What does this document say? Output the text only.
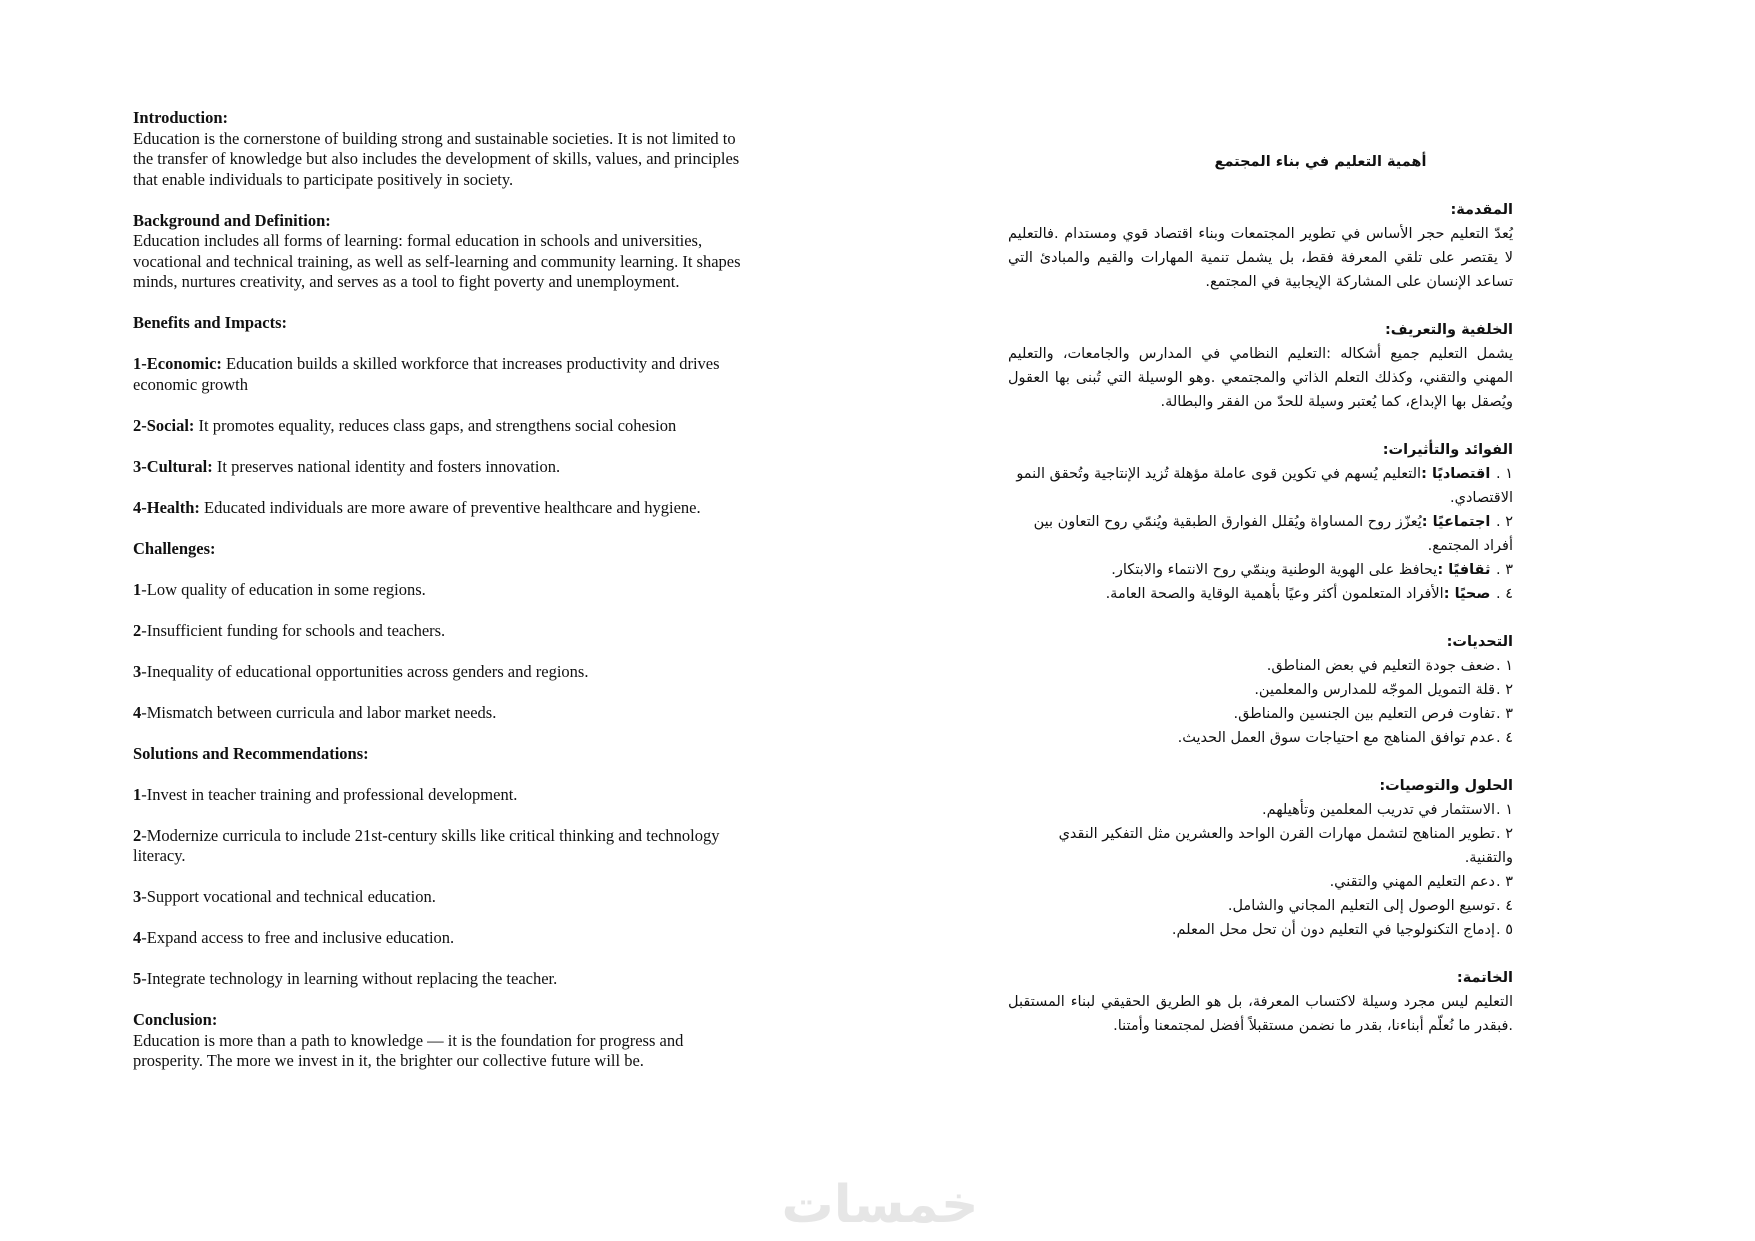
Introduction:
Education is the cornerstone of building strong and sustainable societies. It is not limited to the transfer of knowledge but also includes the development of skills, values, and principles that enable individuals to participate positively in society.
Background and Definition:
Education includes all forms of learning: formal education in schools and universities, vocational and technical training, as well as self-learning and community learning. It shapes minds, nurtures creativity, and serves as a tool to fight poverty and unemployment.
Benefits and Impacts:
1-Economic: Education builds a skilled workforce that increases productivity and drives economic growth
2-Social: It promotes equality, reduces class gaps, and strengthens social cohesion
3-Cultural: It preserves national identity and fosters innovation.
4-Health: Educated individuals are more aware of preventive healthcare and hygiene.
Challenges:
1-Low quality of education in some regions.
2-Insufficient funding for schools and teachers.
3-Inequality of educational opportunities across genders and regions.
4-Mismatch between curricula and labor market needs.
Solutions and Recommendations:
1-Invest in teacher training and professional development.
2-Modernize curricula to include 21st-century skills like critical thinking and technology literacy.
3-Support vocational and technical education.
4-Expand access to free and inclusive education.
5-Integrate technology in learning without replacing the teacher.
Conclusion:
Education is more than a path to knowledge — it is the foundation for progress and prosperity. The more we invest in it, the brighter our collective future will be.
أهمية التعليم في بناء المجتمع
المقدمة:
يُعدّ التعليم حجر الأساس في تطوير المجتمعات وبناء اقتصاد قوي ومستدام .فالتعليم لا يقتصر على تلقي المعرفة فقط، بل يشمل تنمية المهارات والقيم والمبادئ التي تساعد الإنسان على المشاركة الإيجابية في المجتمع.
الخلفية والتعريف:
يشمل التعليم جميع أشكاله :التعليم النظامي في المدارس والجامعات، والتعليم المهني والتقني، وكذلك التعلم الذاتي والمجتمعي .وهو الوسيلة التي تُبنى بها العقول ويُصقل بها الإبداع، كما يُعتبر وسيلة للحدّ من الفقر والبطالة.
الفوائد والتأثيرات:
١ . اقتصاديًا :التعليم يُسهم في تكوين قوى عاملة مؤهلة تُزيد الإنتاجية وتُحقق النمو الاقتصادي.
٢ . اجتماعيًا :يُعزّز روح المساواة ويُقلل الفوارق الطبقية ويُنمّي روح التعاون بين أفراد المجتمع.
٣ . ثقافيًا :يحافظ على الهوية الوطنية وينمّي روح الانتماء والابتكار.
٤ . صحيًا :الأفراد المتعلمون أكثر وعيًا بأهمية الوقاية والصحة العامة.
التحديات:
١ .ضعف جودة التعليم في بعض المناطق.
٢ .قلة التمويل الموجّه للمدارس والمعلمين.
٣ .تفاوت فرص التعليم بين الجنسين والمناطق.
٤ .عدم توافق المناهج مع احتياجات سوق العمل الحديث.
الحلول والتوصيات:
١ .الاستثمار في تدريب المعلمين وتأهيلهم.
٢ .تطوير المناهج لتشمل مهارات القرن الواحد والعشرين مثل التفكير النقدي والتقنية.
٣ .دعم التعليم المهني والتقني.
٤ .توسيع الوصول إلى التعليم المجاني والشامل.
٥ .إدماج التكنولوجيا في التعليم دون أن تحل محل المعلم.
الخاتمة:
التعليم ليس مجرد وسيلة لاكتساب المعرفة، بل هو الطريق الحقيقي لبناء المستقبل .فبقدر ما نُعلّم أبناءنا، بقدر ما نضمن مستقبلاً أفضل لمجتمعنا وأمتنا.
خمسات
